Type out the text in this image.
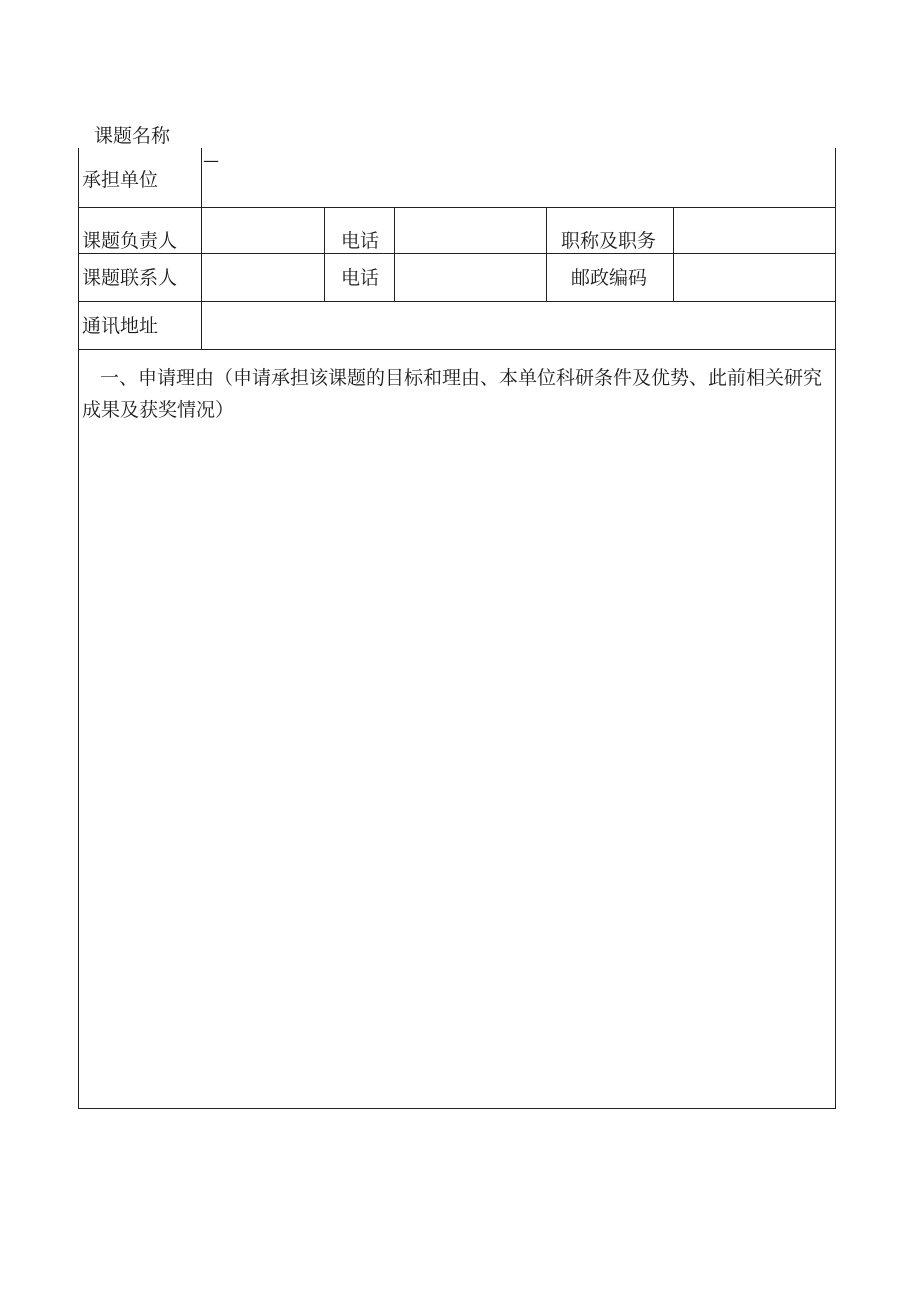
课题名称
承担单位
—
课题负责人	电话	职称及职务
课题联系人	电话	邮政编码
通讯地址
一、申请理由（申请承担该课题的目标和理由、本单位科研条件及优势、此前相关研究成果及获奖情况）
